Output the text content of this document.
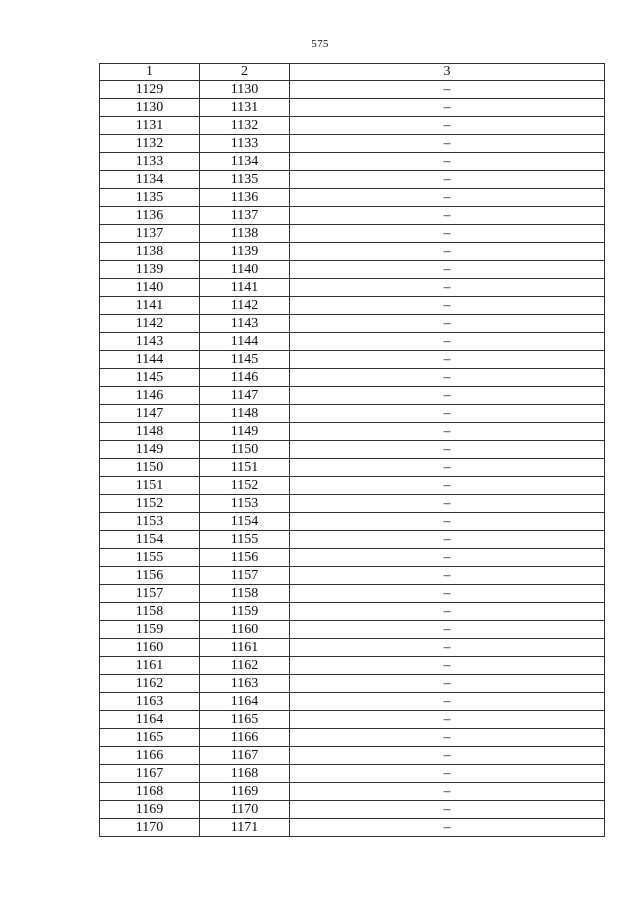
575
1	2	3
1129	1130	–
1130	1131	–
1131	1132	–
1132	1133	–
1133	1134	–
1134	1135	–
1135	1136	–
1136	1137	–
1137	1138	–
1138	1139	–
1139	1140	–
1140	1141	–
1141	1142	–
1142	1143	–
1143	1144	–
1144	1145	–
1145	1146	–
1146	1147	–
1147	1148	–
1148	1149	–
1149	1150	–
1150	1151	–
1151	1152	–
1152	1153	–
1153	1154	–
1154	1155	–
1155	1156	–
1156	1157	–
1157	1158	–
1158	1159	–
1159	1160	–
1160	1161	–
1161	1162	–
1162	1163	–
1163	1164	–
1164	1165	–
1165	1166	–
1166	1167	–
1167	1168	–
1168	1169	–
1169	1170	–
1170	1171	–
